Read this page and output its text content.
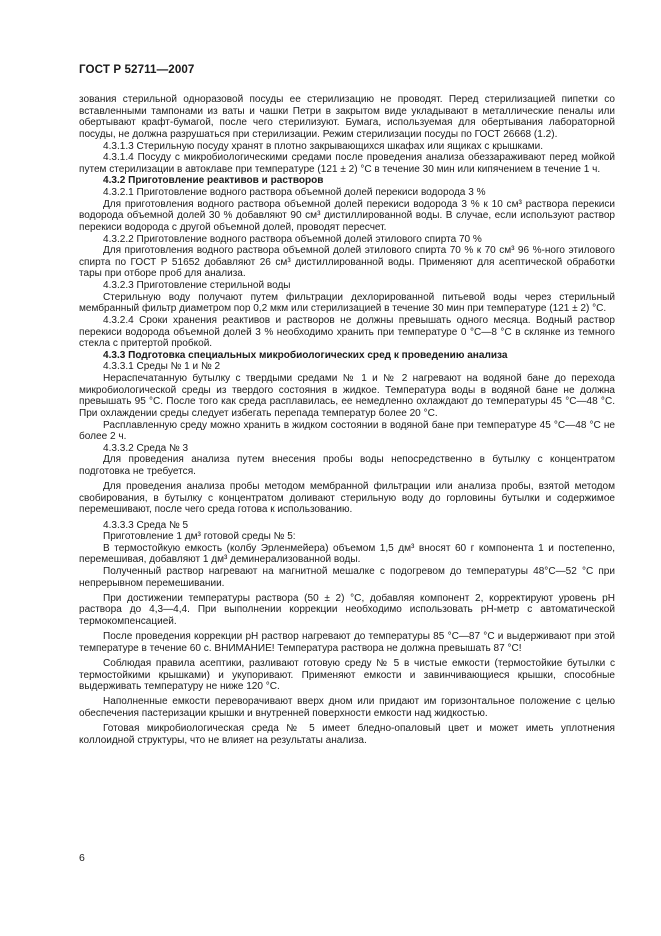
ГОСТ Р 52711—2007

зования стерильной одноразовой посуды ее стерилизацию не проводят. Перед стерилизацией пипетки со вставленными тампонами из ваты и чашки Петри в закрытом виде укладывают в металлические пеналы или обертывают крафт-бумагой, после чего стерилизуют. Бумага, используемая для обертывания лабораторной посуды, не должна разрушаться при стерилизации. Режим стерилизации посуды по ГОСТ 26668 (1.2).

4.3.1.3 Стерильную посуду хранят в плотно закрывающихся шкафах или ящиках с крышками.

4.3.1.4 Посуду с микробиологическими средами после проведения анализа обеззараживают перед мойкой путем стерилизации в автоклаве при температуре (121 ± 2) °С в течение 30 мин или кипячением в течение 1 ч.

4.3.2 Приготовление реактивов и растворов

4.3.2.1 Приготовление водного раствора объемной долей перекиси водорода 3 %

Для приготовления водного раствора объемной долей перекиси водорода 3 % к 10 см³ раствора перекиси водорода объемной долей 30 % добавляют 90 см³ дистиллированной воды. В случае, если используют раствор перекиси водорода с другой объемной долей, проводят пересчет.

4.3.2.2 Приготовление водного раствора объемной долей этилового спирта 70 %

Для приготовления водного раствора объемной долей этилового спирта 70 % к 70 см³ 96 %-ного этилового спирта по ГОСТ Р 51652 добавляют 26 см³ дистиллированной воды. Применяют для асептической обработки тары при отборе проб для анализа.

4.3.2.3 Приготовление стерильной воды

Стерильную воду получают путем фильтрации дехлорированной питьевой воды через стерильный мембранный фильтр диаметром пор 0,2 мкм или стерилизацией в течение 30 мин при температуре (121 ± 2) °С.

4.3.2.4 Сроки хранения реактивов и растворов не должны превышать одного месяца. Водный раствор перекиси водорода объемной долей 3 % необходимо хранить при температуре 0 °С—8 °С в склянке из темного стекла с притертой пробкой.

4.3.3 Подготовка специальных микробиологических сред к проведению анализа

4.3.3.1 Среды № 1 и № 2

Нераспечатанную бутылку с твердыми средами № 1 и № 2 нагревают на водяной бане до перехода микробиологической среды из твердого состояния в жидкое. Температура воды в водяной бане не должна превышать 95 °С. После того как среда расплавилась, ее немедленно охлаждают до температуры 45 °С—48 °С. При охлаждении среды следует избегать перепада температур более 20 °С.

Расплавленную среду можно хранить в жидком состоянии в водяной бане при температуре 45 °С—48 °С не более 2 ч.

4.3.3.2 Среда № 3

Для проведения анализа путем внесения пробы воды непосредственно в бутылку с концентратом подготовка не требуется.

Для проведения анализа пробы методом мембранной фильтрации или анализа пробы, взятой методом свобирования, в бутылку с концентратом доливают стерильную воду до горловины бутылки и содержимое перемешивают, после чего среда готова к использованию.

4.3.3.3 Среда № 5

Приготовление 1 дм³ готовой среды № 5:

В термостойкую емкость (колбу Эрленмейера) объемом 1,5 дм³ вносят 60 г компонента 1 и постепенно, перемешивая, добавляют 1 дм³ деминерализованной воды.

Полученный раствор нагревают на магнитной мешалке с подогревом до температуры 48°С—52 °С при непрерывном перемешивании.

При достижении температуры раствора (50 ± 2) °С, добавляя компонент 2, корректируют уровень рН раствора до 4,3—4,4. При выполнении коррекции необходимо использовать рН-метр с автоматической термокомпенсацией.

После проведения коррекции рН раствор нагревают до температуры 85 °С—87 °С и выдерживают при этой температуре в течение 60 с. ВНИМАНИЕ! Температура раствора не должна превышать 87 °С!

Соблюдая правила асептики, разливают готовую среду № 5 в чистые емкости (термостойкие бутылки с термостойкими крышками) и укупоривают. Применяют емкости и завинчивающиеся крышки, способные выдерживать температуру не ниже 120 °С.

Наполненные емкости переворачивают вверх дном или придают им горизонтальное положение с целью обеспечения пастеризации крышки и внутренней поверхности емкости над жидкостью.

Готовая микробиологическая среда № 5 имеет бледно-опаловый цвет и может иметь уплотнения коллоидной структуры, что не влияет на результаты анализа.

6
